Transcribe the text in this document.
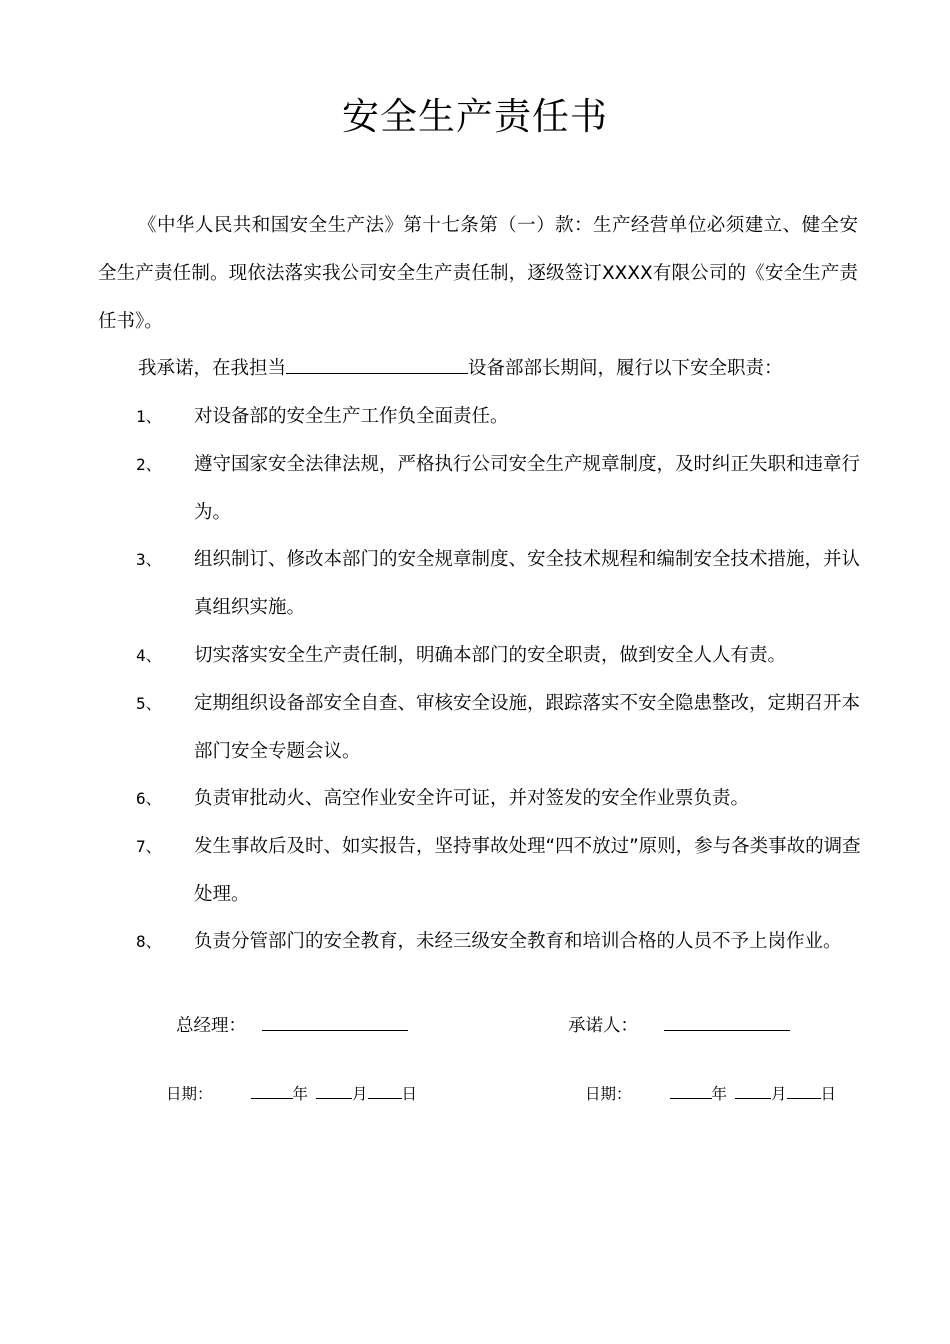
安全生产责任书
《中华人民共和国安全生产法》第十七条第（一）款：生产经营单位必须建立、健全安全生产责任制。现依法落实我公司安全生产责任制，逐级签订XXXX有限公司的《安全生产责任书》。
我承诺，在我担当	设备部部长期间，履行以下安全职责：
1、	对设备部的安全生产工作负全面责任。
2、	遵守国家安全法律法规，严格执行公司安全生产规章制度，及时纠正失职和违章行为。
3、	组织制订、修改本部门的安全规章制度、安全技术规程和编制安全技术措施，并认真组织实施。
4、	切实落实安全生产责任制，明确本部门的安全职责，做到安全人人有责。
5、	定期组织设备部安全自查、审核安全设施，跟踪落实不安全隐患整改，定期召开本部门安全专题会议。
6、	负责审批动火、高空作业安全许可证，并对签发的安全作业票负责。
7、	发生事故后及时、如实报告，坚持事故处理“四不放过”原则，参与各类事故的调查处理。
8、	负责分管部门的安全教育，未经三级安全教育和培训合格的人员不予上岗作业。
总经理：	承诺人：
日期：	年	月 日	日期：	年	月 日
